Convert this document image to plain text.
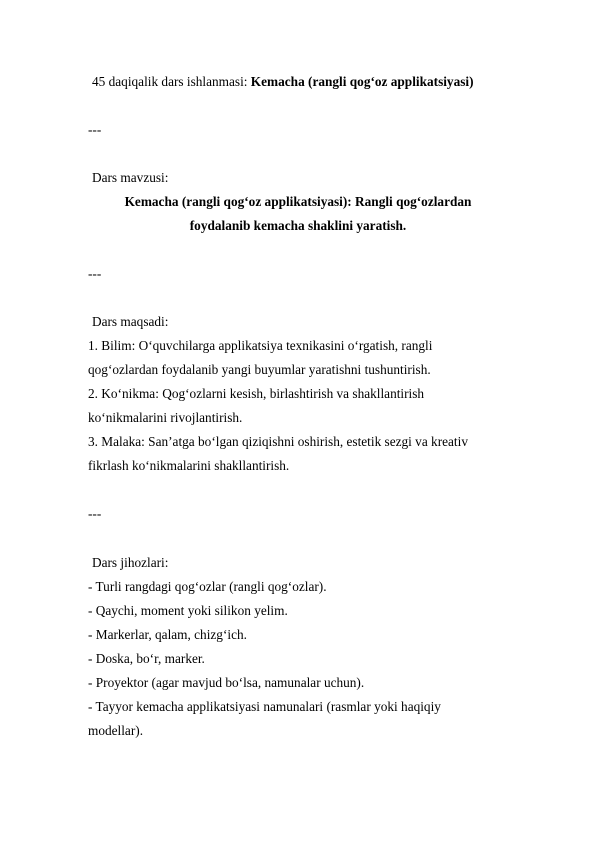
45 daqiqalik dars ishlanmasi: Kemacha (rangli qog‘oz applikatsiyasi)
---
Dars mavzusi:
Kemacha (rangli qog‘oz applikatsiyasi): Rangli qog‘ozlardan
foydalanib kemacha shaklini yaratish.
---
Dars maqsadi:
1. Bilim: O‘quvchilarga applikatsiya texnikasini o‘rgatish, rangli
qog‘ozlardan foydalanib yangi buyumlar yaratishni tushuntirish.
2. Ko‘nikma: Qog‘ozlarni kesish, birlashtirish va shakllantirish
ko‘nikmalarini rivojlantirish.
3. Malaka: San’atga bo‘lgan qiziqishni oshirish, estetik sezgi va kreativ
fikrlash ko‘nikmalarini shakllantirish.
---
Dars jihozlari:
- Turli rangdagi qog‘ozlar (rangli qog‘ozlar).
- Qaychi, moment yoki silikon yelim.
- Markerlar, qalam, chizg‘ich.
- Doska, bo‘r, marker.
- Proyektor (agar mavjud bo‘lsa, namunalar uchun).
- Tayyor kemacha applikatsiyasi namunalari (rasmlar yoki haqiqiy
modellar).
